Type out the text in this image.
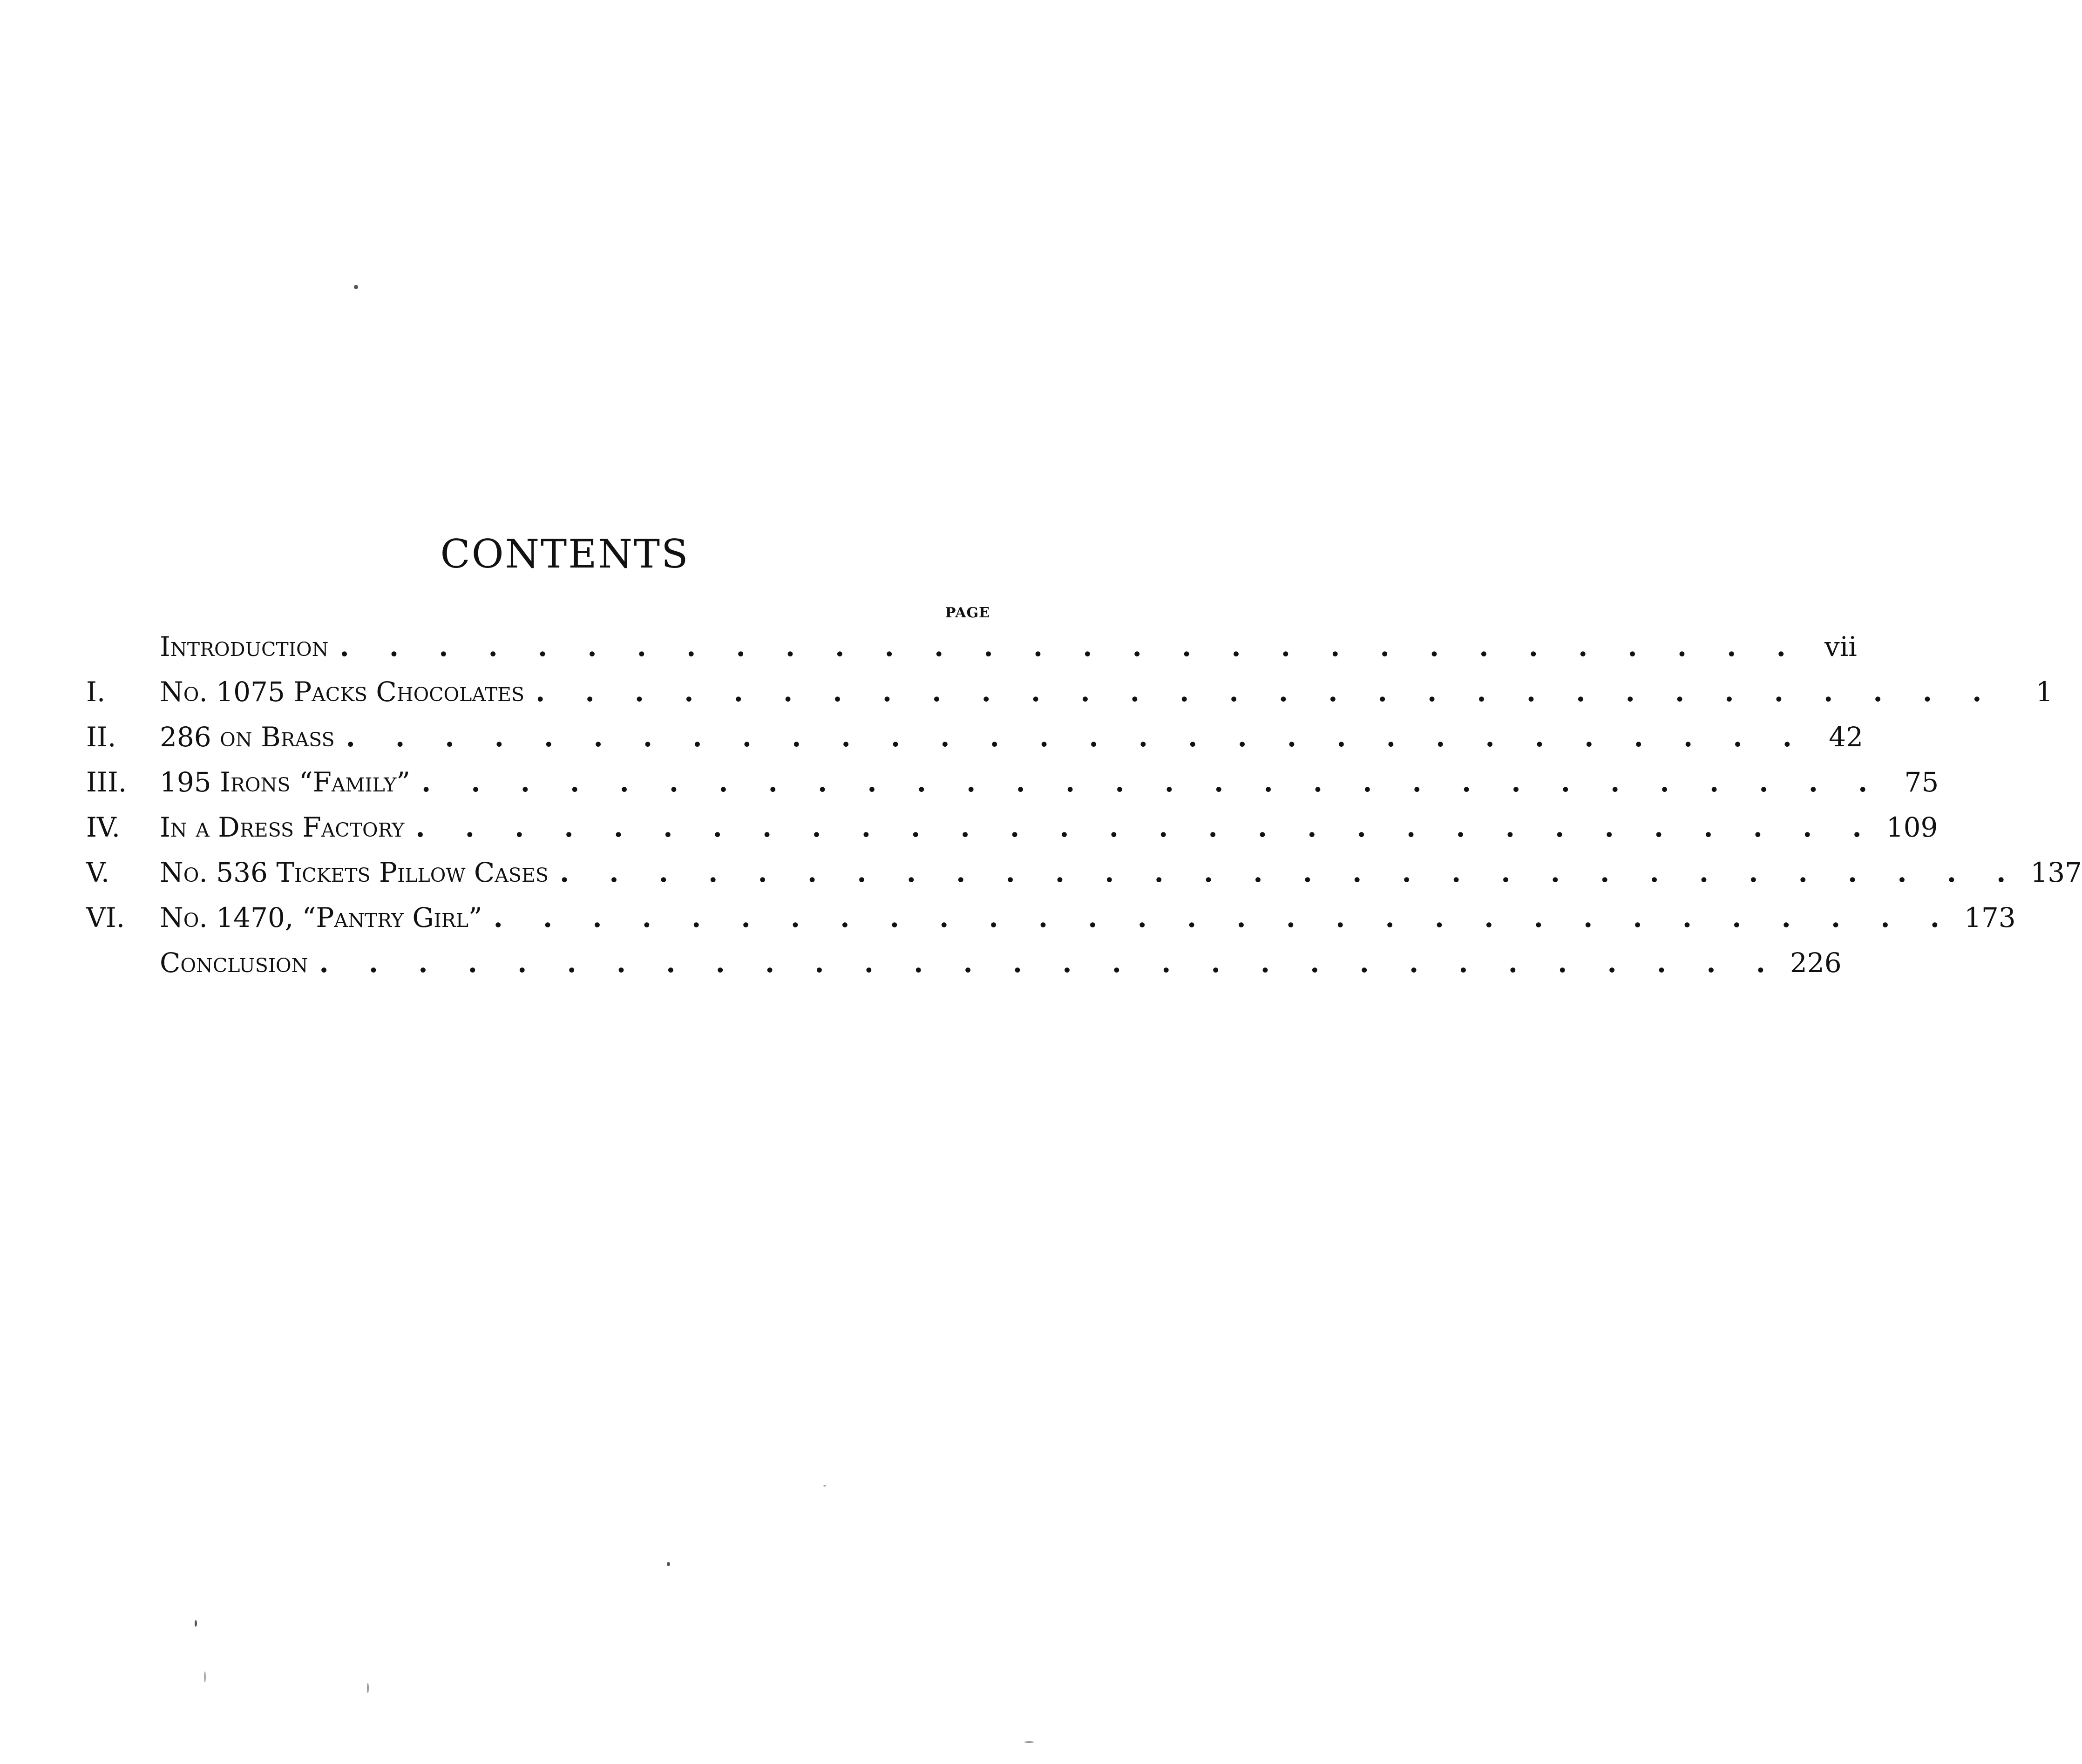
CONTENTS
PAGE
Introduction . . . . . . . . . . . . . . . . . . . . . . . . . . . . . . vii
I.	No. 1075 Packs Chocolates . . . . . . . . . . . . . . . . . . . . . . . . . . . . . .	1
II.	286 on Brass . . . . . . . . . . . . . . . . . . . . . . . . . . . . . . 42
III.	195 Irons “Family” . . . . . . . . . . . . . . . . . . . . . . . . . . . . . . 75
IV.	In a Dress Factory . . . . . . . . . . . . . . . . . . . . . . . . . . . . . . 109
V.	No. 536 Tickets Pillow Cases . . . . . . . . . . . . . . . . . . . . . . . . . . . . . . 137
VI.	No. 1470, “Pantry Girl” . . . . . . . . . . . . . . . . . . . . . . . . . . . . . . 173
Conclusion . . . . . . . . . . . . . . . . . . . . . . . . . . . . . . 226
